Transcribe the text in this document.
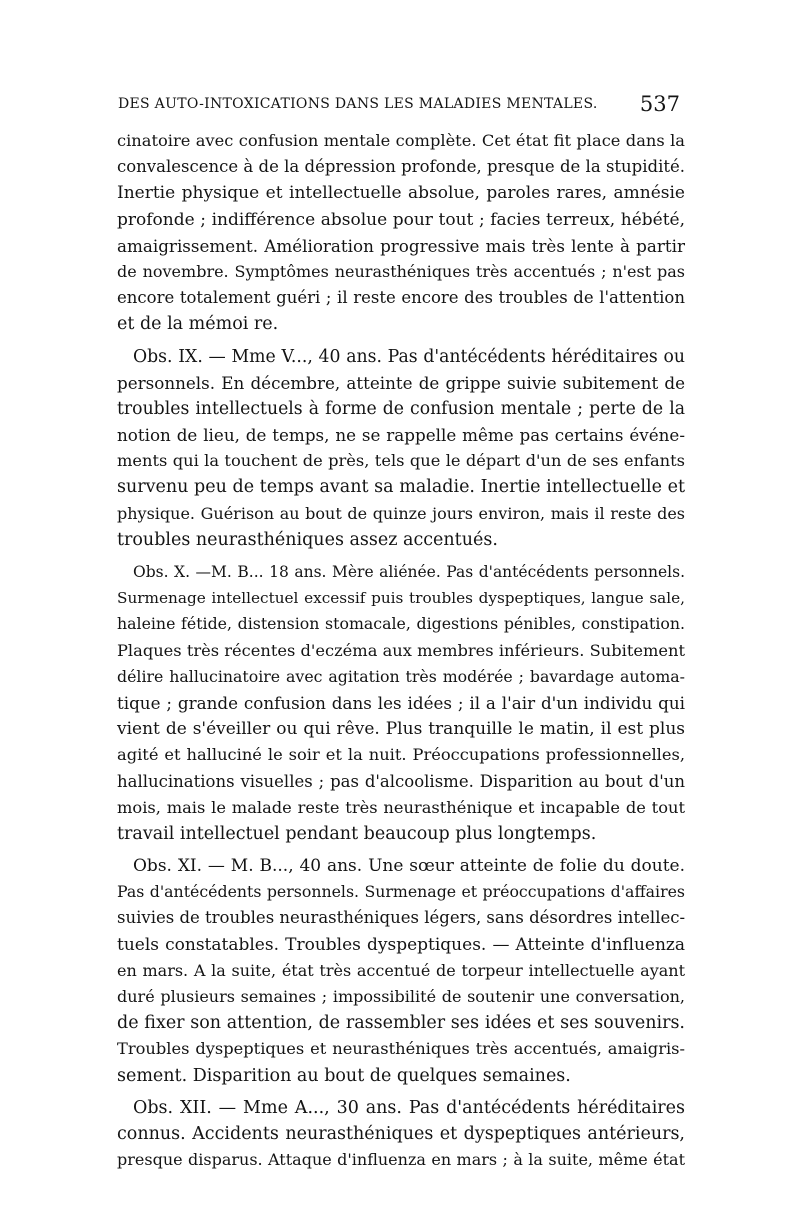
DES AUTO-INTOXICATIONS DANS LES MALADIES MENTALES. 537
cinatoire avec confusion mentale complète. Cet état fit place dans la
convalescence à de la dépression profonde, presque de la stupidité.
Inertie physique et intellectuelle absolue, paroles rares, amnésie
profonde ; indifférence absolue pour tout ; facies terreux, hébété,
amaigrissement. Amélioration progressive mais très lente à partir
de novembre. Symptômes neurasthéniques très accentués ; n'est pas
encore totalement guéri ; il reste encore des troubles de l'attention
et de la mémoi re.
Obs. IX. — Mme V..., 40 ans. Pas d'antécédents héréditaires ou
personnels. En décembre, atteinte de grippe suivie subitement de
troubles intellectuels à forme de confusion mentale ; perte de la
notion de lieu, de temps, ne se rappelle même pas certains événe-
ments qui la touchent de près, tels que le départ d'un de ses enfants
survenu peu de temps avant sa maladie. Inertie intellectuelle et
physique. Guérison au bout de quinze jours environ, mais il reste des
troubles neurasthéniques assez accentués.
Obs. X. —M. B... 18 ans. Mère aliénée. Pas d'antécédents personnels.
Surmenage intellectuel excessif puis troubles dyspeptiques, langue sale,
haleine fétide, distension stomacale, digestions pénibles, constipation.
Plaques très récentes d'eczéma aux membres inférieurs. Subitement
délire hallucinatoire avec agitation très modérée ; bavardage automa-
tique ; grande confusion dans les idées ; il a l'air d'un individu qui
vient de s'éveiller ou qui rêve. Plus tranquille le matin, il est plus
agité et halluciné le soir et la nuit. Préoccupations professionnelles,
hallucinations visuelles ; pas d'alcoolisme. Disparition au bout d'un
mois, mais le malade reste très neurasthénique et incapable de tout
travail intellectuel pendant beaucoup plus longtemps.
Obs. XI. — M. B..., 40 ans. Une sœur atteinte de folie du doute.
Pas d'antécédents personnels. Surmenage et préoccupations d'affaires
suivies de troubles neurasthéniques légers, sans désordres intellec-
tuels constatables. Troubles dyspeptiques. — Atteinte d'influenza
en mars. A la suite, état très accentué de torpeur intellectuelle ayant
duré plusieurs semaines ; impossibilité de soutenir une conversation,
de fixer son attention, de rassembler ses idées et ses souvenirs.
Troubles dyspeptiques et neurasthéniques très accentués, amaigris-
sement. Disparition au bout de quelques semaines.
Obs. XII. — Mme A..., 30 ans. Pas d'antécédents héréditaires
connus. Accidents neurasthéniques et dyspeptiques antérieurs,
presque disparus. Attaque d'influenza en mars ; à la suite, même état
